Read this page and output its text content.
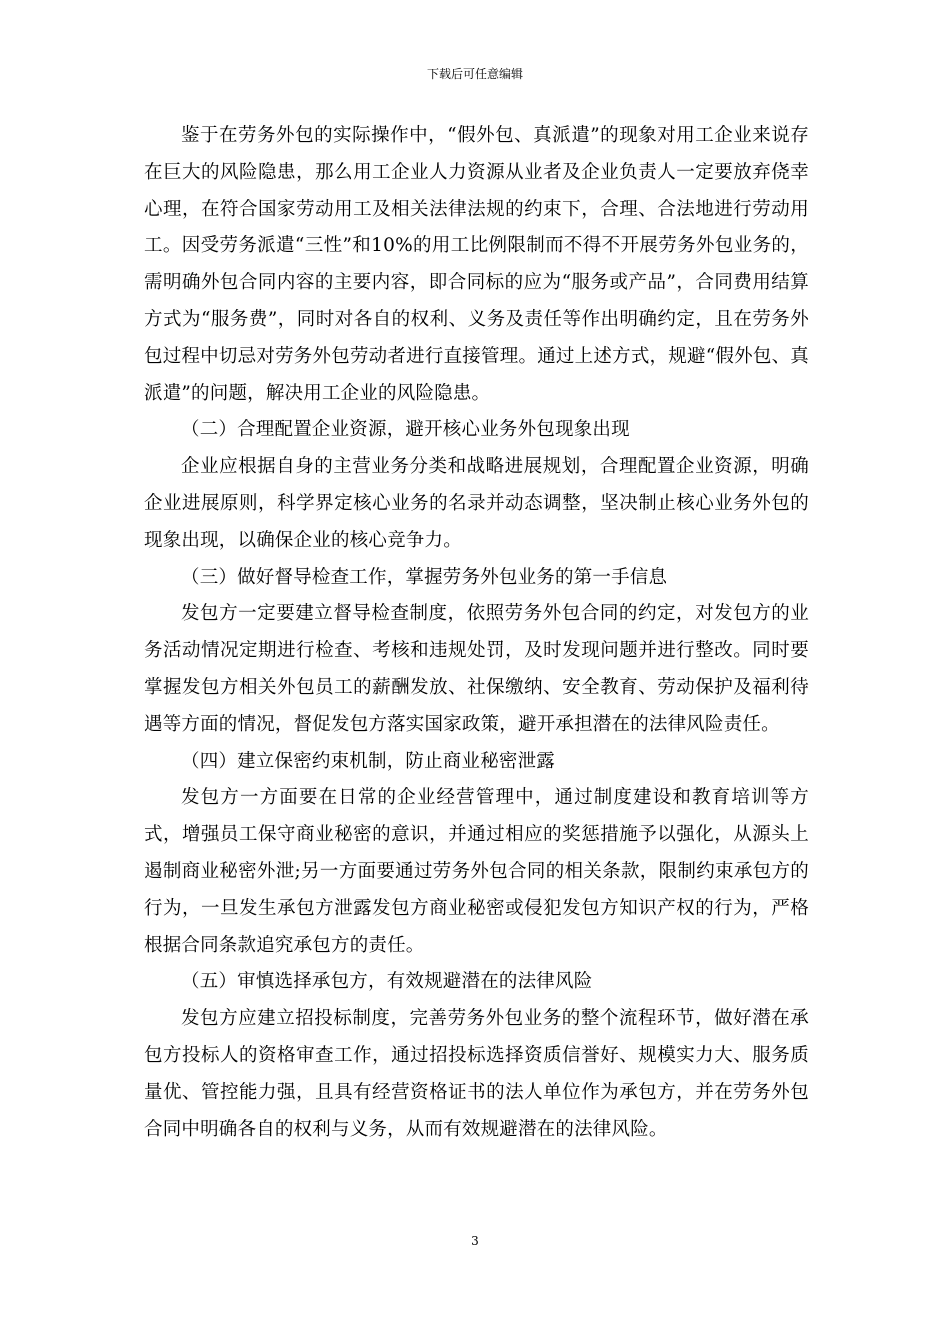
下载后可任意编辑

鉴于在劳务外包的实际操作中，“假外包、真派遣”的现象对用工企业来说存在巨大的风险隐患，那么用工企业人力资源从业者及企业负责人一定要放弃侥幸心理，在符合国家劳动用工及相关法律法规的约束下，合理、合法地进行劳动用工。因受劳务派遣“三性”和10%的用工比例限制而不得不开展劳务外包业务的，需明确外包合同内容的主要内容，即合同标的应为“服务或产品”，合同费用结算方式为“服务费”，同时对各自的权利、义务及责任等作出明确约定，且在劳务外包过程中切忌对劳务外包劳动者进行直接管理。通过上述方式，规避“假外包、真派遣”的问题，解决用工企业的风险隐患。

（二）合理配置企业资源，避开核心业务外包现象出现

企业应根据自身的主营业务分类和战略进展规划，合理配置企业资源，明确企业进展原则，科学界定核心业务的名录并动态调整，坚决制止核心业务外包的现象出现，以确保企业的核心竞争力。

（三）做好督导检查工作，掌握劳务外包业务的第一手信息

发包方一定要建立督导检查制度，依照劳务外包合同的约定，对发包方的业务活动情况定期进行检查、考核和违规处罚，及时发现问题并进行整改。同时要掌握发包方相关外包员工的薪酬发放、社保缴纳、安全教育、劳动保护及福利待遇等方面的情况，督促发包方落实国家政策，避开承担潜在的法律风险责任。

（四）建立保密约束机制，防止商业秘密泄露

发包方一方面要在日常的企业经营管理中，通过制度建设和教育培训等方式，增强员工保守商业秘密的意识，并通过相应的奖惩措施予以强化，从源头上遏制商业秘密外泄;另一方面要通过劳务外包合同的相关条款，限制约束承包方的行为，一旦发生承包方泄露发包方商业秘密或侵犯发包方知识产权的行为，严格根据合同条款追究承包方的责任。

（五）审慎选择承包方，有效规避潜在的法律风险

发包方应建立招投标制度，完善劳务外包业务的整个流程环节，做好潜在承包方投标人的资格审查工作，通过招投标选择资质信誉好、规模实力大、服务质量优、管控能力强，且具有经营资格证书的法人单位作为承包方，并在劳务外包合同中明确各自的权利与义务，从而有效规避潜在的法律风险。

3
